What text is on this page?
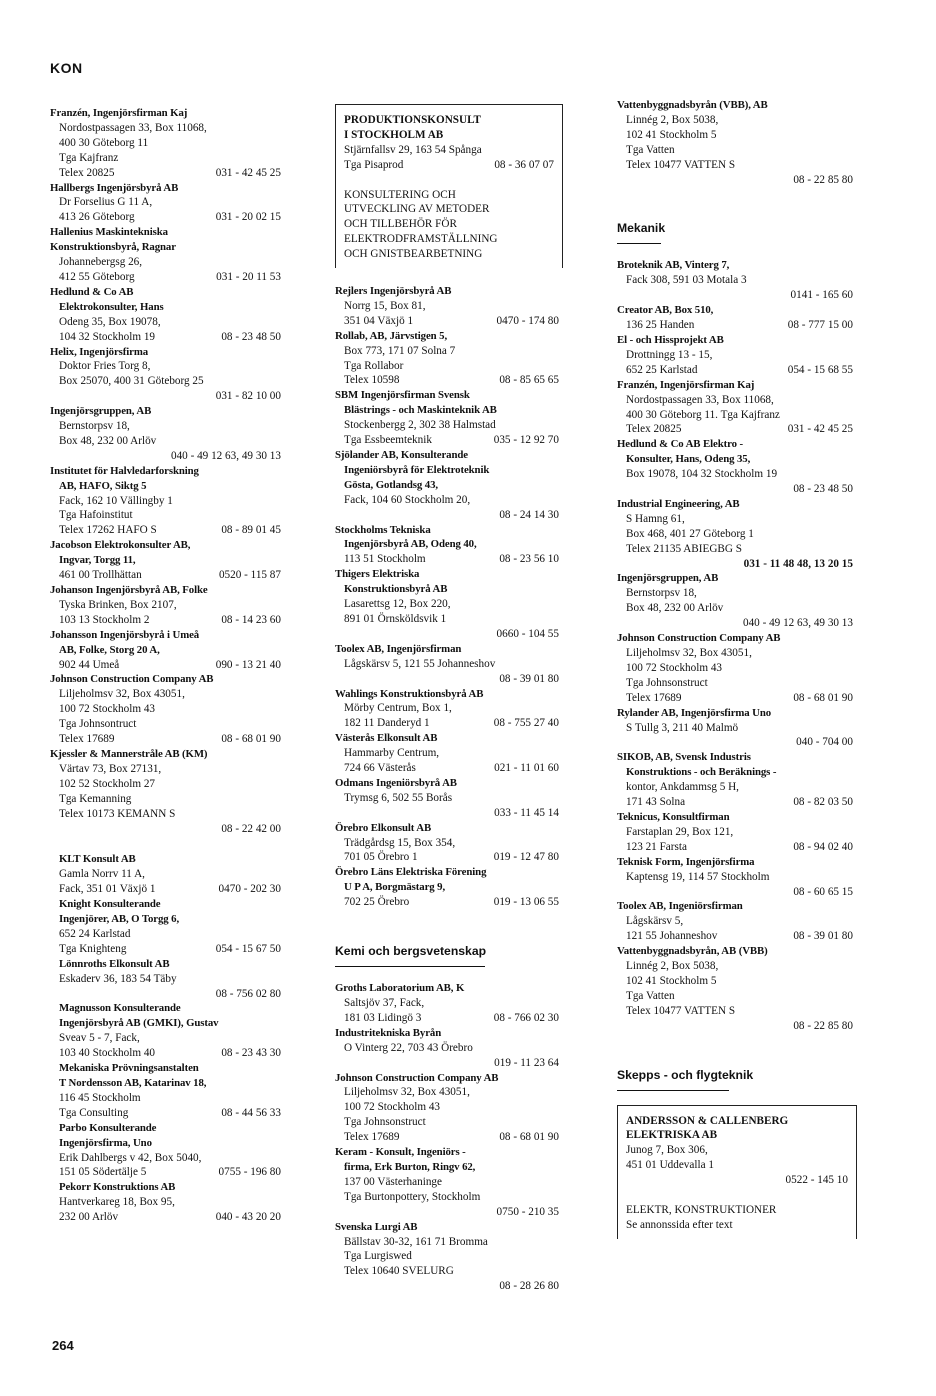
KON
Franzén, Ingenjörsfirman Kaj
Nordostpassagen 33, Box 11068,
400 30 Göteborg 11
Tga Kajfranz
Telex 20825	031 - 42 45 25
Hallbergs Ingenjörsbyrå AB
Dr Forselius G 11 A,
413 26 Göteborg	031 - 20 02 15
Hallenius Maskintekniska
Konstruktionsbyrå, Ragnar
Johannebergsg 26,
412 55 Göteborg	031 - 20 11 53
Hedlund & Co AB
Elektrokonsulter, Hans
Odeng 35, Box 19078,
104 32 Stockholm 19	08 - 23 48 50
Helix, Ingenjörsfirma
Doktor Fries Torg 8,
Box 25070, 400 31 Göteborg 25
031 - 82 10 00
Ingenjörsgruppen, AB
Bernstorpsv 18,
Box 48, 232 00 Arlöv
040 - 49 12 63, 49 30 13
Institutet för Halvledarforskning
AB, HAFO, Siktg 5
Fack, 162 10 Vällingby 1
Tga Hafoinstitut
Telex 17262 HAFO S	08 - 89 01 45
Jacobson Elektrokonsulter AB,
Ingvar, Torgg 11,
461 00 Trollhättan	0520 - 115 87
Johanson Ingenjörsbyrå AB, Folke
Tyska Brinken, Box 2107,
103 13 Stockholm 2	08 - 14 23 60
Johansson Ingenjörsbyrå i Umeå
AB, Folke, Storg 20 A,
902 44 Umeå	090 - 13 21 40
Johnson Construction Company AB
Liljeholmsv 32, Box 43051,
100 72 Stockholm 43
Tga Johnsontruct
Telex 17689	08 - 68 01 90
Kjessler & Mannerstråle AB (KM)
Värtav 73, Box 27131,
102 52 Stockholm 27
Tga Kemanning
Telex 10173 KEMANN S
08 - 22 42 00
KLT Konsult AB
Gamla Norrv 11 A,
Fack, 351 01 Växjö 1	0470 - 202 30
Knight Konsulterande
Ingenjörer, AB, O Torgg 6,
652 24 Karlstad
Tga Knighteng	054 - 15 67 50
Lönnroths Elkonsult AB
Eskaderv 36, 183 54 Täby
08 - 756 02 80
Magnusson Konsulterande
Ingenjörsbyrå AB (GMKI), Gustav
Sveav 5 - 7, Fack,
103 40 Stockholm 40	08 - 23 43 30
Mekaniska Prövningsanstalten
T Nordensson AB, Katarinav 18,
116 45 Stockholm
Tga Consulting	08 - 44 56 33
Parbo Konsulterande
Ingenjörsfirma, Uno
Erik Dahlbergs v 42, Box 5040,
151 05 Södertälje 5	0755 - 196 80
Pekorr Konstruktions AB
Hantverkareg 18, Box 95,
232 00 Arlöv	040 - 43 20 20
PRODUKTIONSKONSULT
I STOCKHOLM AB
Stjärnfallsv 29, 163 54 Spånga
Tga Pisaprod	08 - 36 07 07
KONSULTERING OCH
UTVECKLING AV METODER
OCH TILLBEHÖR FÖR
ELEKTRODFRAMSTÄLLNING
OCH GNISTBEARBETNING
Rejlers Ingenjörsbyrå AB
Norrg 15, Box 81,
351 04 Växjö 1	0470 - 174 80
Rollab, AB, Järvstigen 5,
Box 773, 171 07 Solna 7
Tga Rollabor
Telex 10598	08 - 85 65 65
SBM Ingenjörsfirman Svensk
Blästrings - och Maskinteknik AB
Stockenbergg 2, 302 38 Halmstad
Tga Essbeemteknik	035 - 12 92 70
Sjölander AB, Konsulterande
Ingeniörsbyrå för Elektroteknik
Gösta, Gotlandsg 43,
Fack, 104 60 Stockholm 20,
08 - 24 14 30
Stockholms Tekniska
Ingenjörsbyrå AB, Odeng 40,
113 51 Stockholm	08 - 23 56 10
Thigers Elektriska
Konstruktionsbyrå AB
Lasarettsg 12, Box 220,
891 01 Örnsköldsvik 1
0660 - 104 55
Toolex AB, Ingenjörsfirman
Lågskärsv 5, 121 55 Johanneshov
08 - 39 01 80
Wahlings Konstruktionsbyrå AB
Mörby Centrum, Box 1,
182 11 Danderyd 1	08 - 755 27 40
Västerås Elkonsult AB
Hammarby Centrum,
724 66 Västerås	021 - 11 01 60
Odmans Ingeniörsbyrå AB
Trymsg 6, 502 55 Borås
033 - 11 45 14
Örebro Elkonsult AB
Trädgårdsg 15, Box 354,
701 05 Örebro 1	019 - 12 47 80
Örebro Läns Elektriska Förening
U P A, Borgmästarg 9,
702 25 Örebro	019 - 13 06 55
Kemi och bergsvetenskap
Groths Laboratorium AB, K
Saltsjöv 37, Fack,
181 03 Lidingö 3	08 - 766 02 30
Industritekniska Byrån
O Vinterg 22, 703 43 Örebro
019 - 11 23 64
Johnson Construction Company AB
Liljeholmsv 32, Box 43051,
100 72 Stockholm 43
Tga Johnsonstruct
Telex 17689	08 - 68 01 90
Keram - Konsult, Ingeniörs -
firma, Erk Burton, Ringv 62,
137 00 Västerhaninge
Tga Burtonpottery, Stockholm
0750 - 210 35
Svenska Lurgi AB
Bällstav 30-32, 161 71 Bromma
Tga Lurgiswed
Telex 10640 SVELURG
08 - 28 26 80
Vattenbyggnadsbyrån (VBB), AB
Linnég 2, Box 5038,
102 41 Stockholm 5
Tga Vatten
Telex 10477 VATTEN S
08 - 22 85 80
Mekanik
Broteknik AB, Vinterg 7,
Fack 308, 591 03 Motala 3
0141 - 165 60
Creator AB, Box 510,
136 25 Handen	08 - 777 15 00
El - och Hissprojekt AB
Drottningg 13 - 15,
652 25 Karlstad	054 - 15 68 55
Franzén, Ingenjörsfirman Kaj
Nordostpassagen 33, Box 11068,
400 30 Göteborg 11. Tga Kajfranz
Telex 20825	031 - 42 45 25
Hedlund & Co AB Elektro -
Konsulter, Hans, Odeng 35,
Box 19078, 104 32 Stockholm 19
08 - 23 48 50
Industrial Engineering, AB
S Hamng 61,
Box 468, 401 27 Göteborg 1
Telex 21135 ABIEGBG S
031 - 11 48 48, 13 20 15
Ingenjörsgruppen, AB
Bernstorpsv 18,
Box 48, 232 00 Arlöv
040 - 49 12 63, 49 30 13
Johnson Construction Company AB
Liljeholmsv 32, Box 43051,
100 72 Stockholm 43
Tga Johnsonstruct
Telex 17689	08 - 68 01 90
Rylander AB, Ingenjörsfirma Uno
S Tullg 3, 211 40 Malmö
040 - 704 00
SIKOB, AB, Svensk Industris
Konstruktions - och Beräknings -
kontor, Ankdammsg 5 H,
171 43 Solna	08 - 82 03 50
Teknicus, Konsultfirman
Farstaplan 29, Box 121,
123 21 Farsta	08 - 94 02 40
Teknisk Form, Ingenjörsfirma
Kaptensg 19, 114 57 Stockholm
08 - 60 65 15
Toolex AB, Ingeniörsfirman
Lågskärsv 5,
121 55 Johanneshov	08 - 39 01 80
Vattenbyggnadsbyrån, AB (VBB)
Linnég 2, Box 5038,
102 41 Stockholm 5
Tga Vatten
Telex 10477 VATTEN S
08 - 22 85 80
Skepps - och flygteknik
ANDERSSON & CALLENBERG
ELEKTRISKA AB
Junog 7, Box 306,
451 01 Uddevalla 1
0522 - 145 10
ELEKTR, KONSTRUKTIONER
Se annonssida efter text
264
